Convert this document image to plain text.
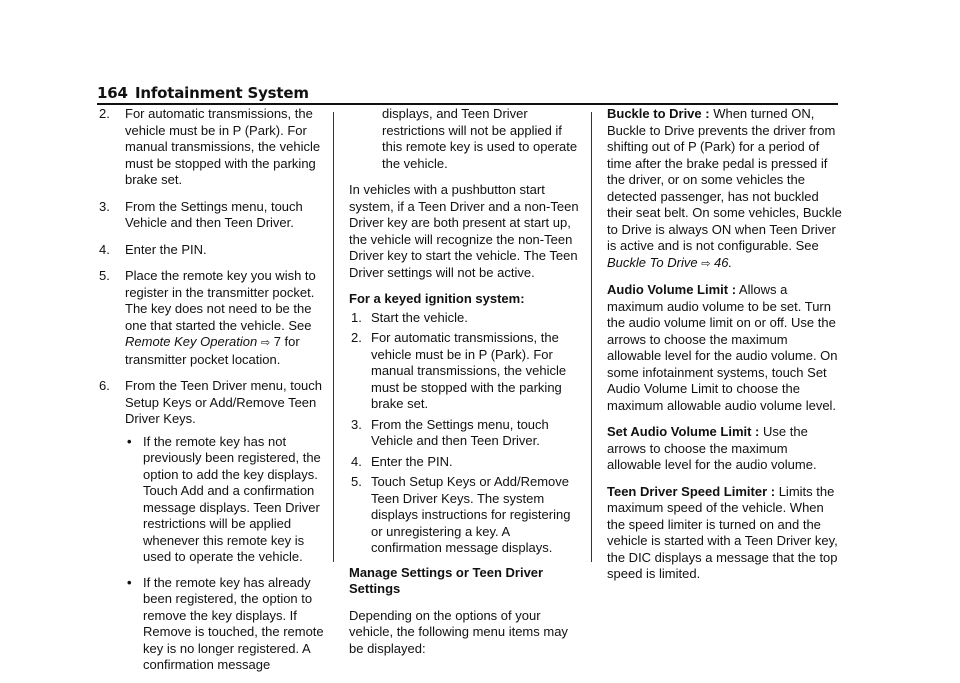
164 Infotainment System
2. For automatic transmissions, the vehicle must be in P (Park). For manual transmissions, the vehicle must be stopped with the parking brake set.
3. From the Settings menu, touch Vehicle and then Teen Driver.
4. Enter the PIN.
5. Place the remote key you wish to register in the transmitter pocket. The key does not need to be the one that started the vehicle. See Remote Key Operation ⇨ 7 for transmitter pocket location.
6. From the Teen Driver menu, touch Setup Keys or Add/Remove Teen Driver Keys.
• If the remote key has not previously been registered, the option to add the key displays. Touch Add and a confirmation message displays. Teen Driver restrictions will be applied whenever this remote key is used to operate the vehicle.
• If the remote key has already been registered, the option to remove the key displays. If Remove is touched, the remote key is no longer registered. A confirmation message

displays, and Teen Driver restrictions will not be applied if this remote key is used to operate the vehicle.

In vehicles with a pushbutton start system, if a Teen Driver and a non-Teen Driver key are both present at start up, the vehicle will recognize the non-Teen Driver key to start the vehicle. The Teen Driver settings will not be active.

For a keyed ignition system:

1. Start the vehicle.
2. For automatic transmissions, the vehicle must be in P (Park). For manual transmissions, the vehicle must be stopped with the parking brake set.
3. From the Settings menu, touch Vehicle and then Teen Driver.
4. Enter the PIN.
5. Touch Setup Keys or Add/Remove Teen Driver Keys. The system displays instructions for registering or unregistering a key. A confirmation message displays.

Manage Settings or Teen Driver Settings

Depending on the options of your vehicle, the following menu items may be displayed:

Buckle to Drive : When turned ON, Buckle to Drive prevents the driver from shifting out of P (Park) for a period of time after the brake pedal is pressed if the driver, or on some vehicles the detected passenger, has not buckled their seat belt. On some vehicles, Buckle to Drive is always ON when Teen Driver is active and is not configurable. See Buckle To Drive ⇨ 46.

Audio Volume Limit : Allows a maximum audio volume to be set. Turn the audio volume limit on or off. Use the arrows to choose the maximum allowable level for the audio volume. On some infotainment systems, touch Set Audio Volume Limit to choose the maximum allowable audio volume level.

Set Audio Volume Limit : Use the arrows to choose the maximum allowable level for the audio volume.

Teen Driver Speed Limiter : Limits the maximum speed of the vehicle. When the speed limiter is turned on and the vehicle is started with a Teen Driver key, the DIC displays a message that the top speed is limited.
